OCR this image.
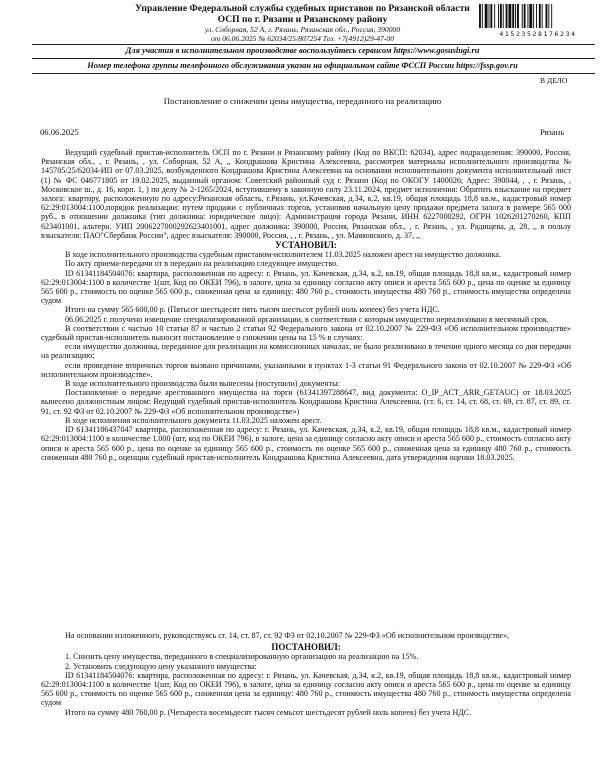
Управление Федеральной службы судебных приставов по Рязанской области
ОСП по г. Рязани и Рязанскому району
ул. Соборная, 52 А, г. Рязань, Рязанская обл., Россия, 390000
от 06.06.2025 № 62034/25/807254 Тел. +7(4912)29-47-00	41523528176234
Для участия в исполнительном производстве воспользуйтесь сервисом https://www.gosuslugi.ru
Номер телефона группы телефонного обслуживания указан на официальном сайте ФССП России https://fssp.gov.ru
В ДЕЛО
Постановление о снижении цены имущества, переданного на реализацию
06.06.2025	Рязань

Ведущий судебный пристав-исполнитель ОСП по г. Рязани и Рязанскому району (Код по ВКСП: 62034), адрес подразделения: 390000, Россия, Рязанская обл., , г. Рязань, , ул. Соборная, 52 А, ,, Кондрашова Кристина Алексеевна, рассмотрев материалы исполнительного производства № 145705/25/62034-ИП от 07.03.2025, возбужденного Кондрашова Кристина Алексеевна на основании исполнительного документа исполнительный лист (1) № ФС 046771805 от 19.02.2025, выданный органом: Советский районный суд г. Рязани (Код по ОКОГУ 1400026; Адрес: 390044, , , г. Рязань, , Московское ш., д. 16, корп. 1, ) по делу № 2-1265/2024, вступившему в законную силу 23.11.2024, предмет исполнения: Обратить взыскание на предмет залога: квартиру, расположенную по адресу:Рязанская область, г.Рязань, ул.Качевская, д.34, к.2, кв.19, общая площадь 18,8 кв.м., кадастровый номер 62:29:013004:1100,порядок реализации: путем продажи с публичных торгов, установив начальную цену продажи предмета залога в размере 565 000 руб., в отношении должника (тип должника: юридическое лицо): Администрация города Рязани, ИНН 6227000292, ОГРН 1026201270260, КПП 623401001, альтерн. УИП 2006227000292623401001, адрес должника: 390000, Россия, Рязанская обл., , г. Рязань, , ул. Радищева, д. 28, ,, в пользу взыскателя: ПАО"Сбербанк России", адрес взыскателя: 390000, Россия, , , г. Рязань, , ул. Маяковского, д. 37, ,,

УСТАНОВИЛ:

В ходе исполнительного производства судебным приставом-исполнителем 11.03.2025 наложен арест на имущество должника.

По акту приема-передачи от в передано на реализацию следующее имущество.

ID 61341184504076: квартира, расположенная по адресу: г. Рязань, ул. Качевская, д.34, к.2, кв.19, общая площадь 18,8 кв.м., кадастровый номер 62:29:013004:1100 в количестве 1(шт, Код по ОКЕИ 796), в залоге, цена за единицу согласно акту описи и ареста 565 600 р., цена по оценке за единицу 565 600 р., стоимость по оценке 565 600 р., сниженная цена за единицу: 480 760 р., стоимость имущества 480 760 р., стоимость имущества определена судом

Итого на сумму 565 600,00 р. (Пятьсот шестьдесят пять тысяч шестьсот рублей ноль копеек) без учета НДС.

06.06.2025 г. получено извещение специализированной организации, в соответствии с которым имущество нереализовано в месячный срок.

В соответствии с частью 10 статьи 87 и частью 2 статьи 92 Федерального закона от 02.10.2007 № 229-ФЗ «Об исполнительном производстве» судебный пристав-исполнитель выносит постановление о снижении цены на 15 % в случаях:

если имущество должника, переданное для реализации на комиссионных началах, не было реализовано в течение одного месяца со дня передачи на реализацию;

если проведение вторичных торгов вызвано причинами, указанными в пунктах 1-3 статьи 91 Федерального закона от 02.10.2007 № 229-ФЗ «Об исполнительном производстве».

В ходе исполнительного производства были вынесены (поступили) документы:

Постановление о передаче арестованного имущества на торги (61341397288647, вид документа: O_IP_ACT_ARR_GETAUC) от 18.03.2025 вынесено должностным лицом: Ведущий судебный пристав-исполнитель Кондрашова Кристина Алексеевна. (ст. 6, ст. 14, ст. 68, ст. 69, ст. 87, ст. 89, ст. 91, ст. 92 ФЗ от 02.10.2007 № 229-ФЗ «Об исполнительном производстве»)

В ходе исполнения исполнительного документа 11.03.2025 наложен арест.

ID 61341186437047 квартира, расположенная по адресу: г. Рязань, ул. Качевская, д.34, к.2, кв.19, общая площадь 18,8 кв.м., кадастровый номер 62:29:013004:1100 в количестве 1.000 (шт, код по ОКЕИ 796), в залоге, цена за единицу согласно акту описи и ареста 565 600 р., стоимость согласно акту описи и ареста 565 600 р., цена по оценке за единицу 565 600 р., стоимость по оценке 565 600 р., сниженная цена за единицу 480 760 р., стоимость сниженная 480 760 р., оценщик судебный пристав-исполнитель Кондрашова Кристина Алексеевна, дата утверждения оценки 18.03.2025.

На основании изложенного, руководствуясь ст. 14, ст. 87, ст. 92 ФЗ от 02.10.2007 № 229-ФЗ «Об исполнительном производстве»,

ПОСТАНОВИЛ:

1. Снизить цену имущества, переданного в специализированную организацию на реализацию на 15%.

2. Установить следующую цену указанного имущества:

ID 61341184504076: квартира, расположенная по адресу: г. Рязань, ул. Качевская, д.34, к.2, кв.19, общая площадь 18,8 кв.м., кадастровый номер 62:29:013004:1100 в количестве 1(шт, Код по ОКЕИ 796), в залоге, цена за единицу согласно акту описи и ареста 565 600 р., цена по оценке за единицу 565 600 р., стоимость по оценке 565 600 р., сниженная цена за единицу: 480 760 р., стоимость имущества 480 760 р., стоимость имущества определена судом

Итого на сумму 480 760,00 р. (Четыреста восемьдесят тысяч семьсот шестьдесят рублей ноль копеек) без учета НДС.
